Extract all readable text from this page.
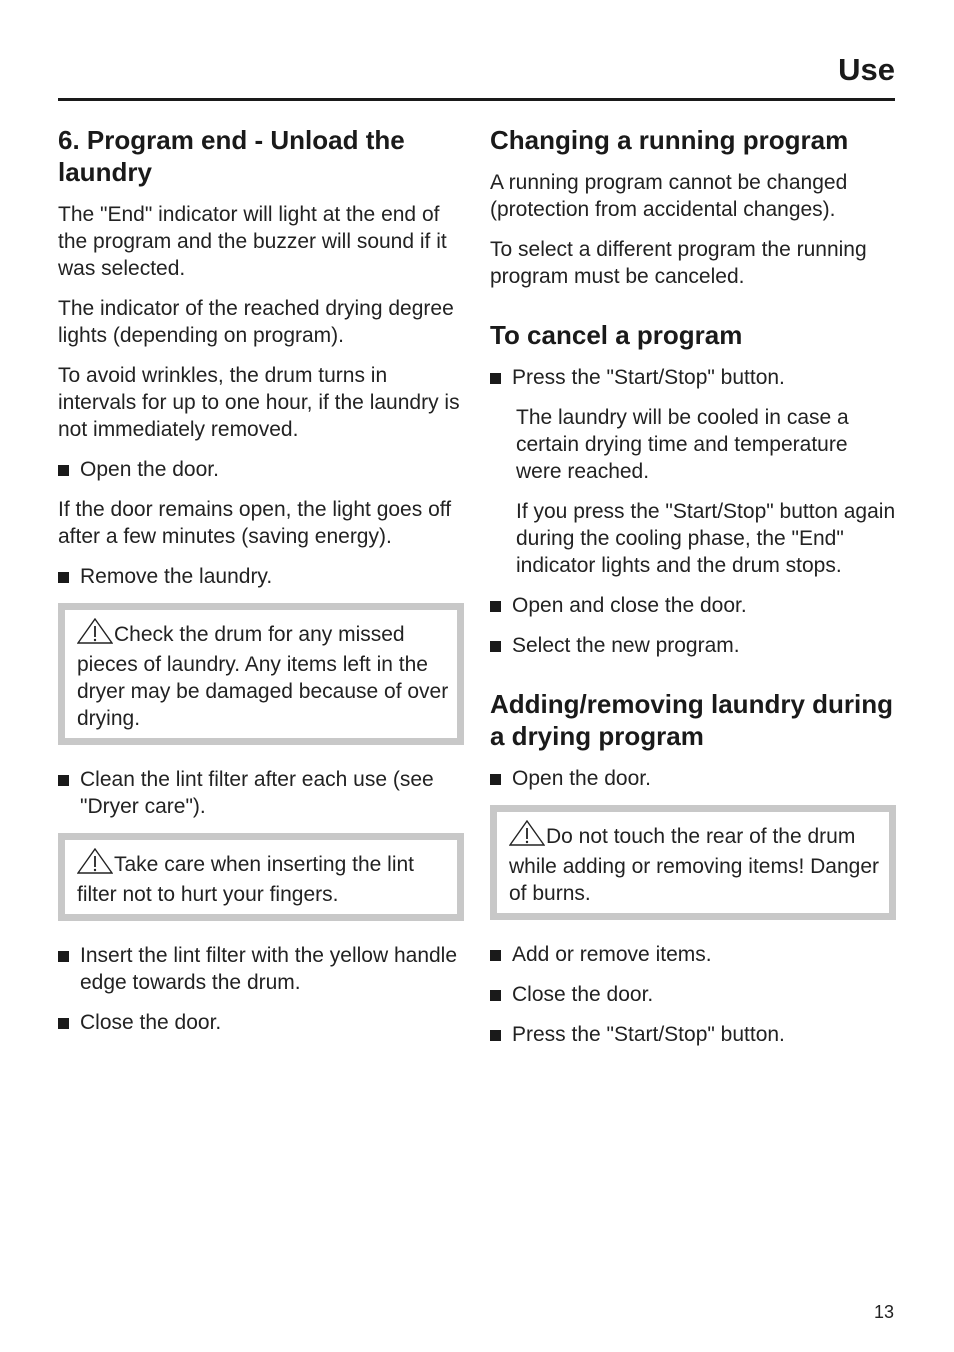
Use
6. Program end - Unload the laundry

The "End" indicator will light at the end of the program and the buzzer will sound if it was selected.

The indicator of the reached drying degree lights (depending on program).

To avoid wrinkles, the drum turns in intervals for up to one hour, if the laundry is not immediately removed.

Open the door.

If the door remains open, the light goes off after a few minutes (saving energy).

Remove the laundry.
Check the drum for any missed pieces of laundry. Any items left in the dryer may be damaged because of over drying.
Clean the lint filter after each use (see "Dryer care").
Take care when inserting the lint filter not to hurt your fingers.
Insert the lint filter with the yellow handle edge towards the drum.
Close the door.
Changing a running program

A running program cannot be changed (protection from accidental changes).

To select a different program the running program must be canceled.

To cancel a program
Press the "Start/Stop" button.

The laundry will be cooled in case a certain drying time and temperature were reached.

If you press the "Start/Stop" button again during the cooling phase, the "End" indicator lights and the drum stops.

Open and close the door.
Select the new program.
Adding/removing laundry during a drying program
Open the door.
Do not touch the rear of the drum while adding or removing items! Danger of burns.
Add or remove items.
Close the door.
Press the "Start/Stop" button.
13
